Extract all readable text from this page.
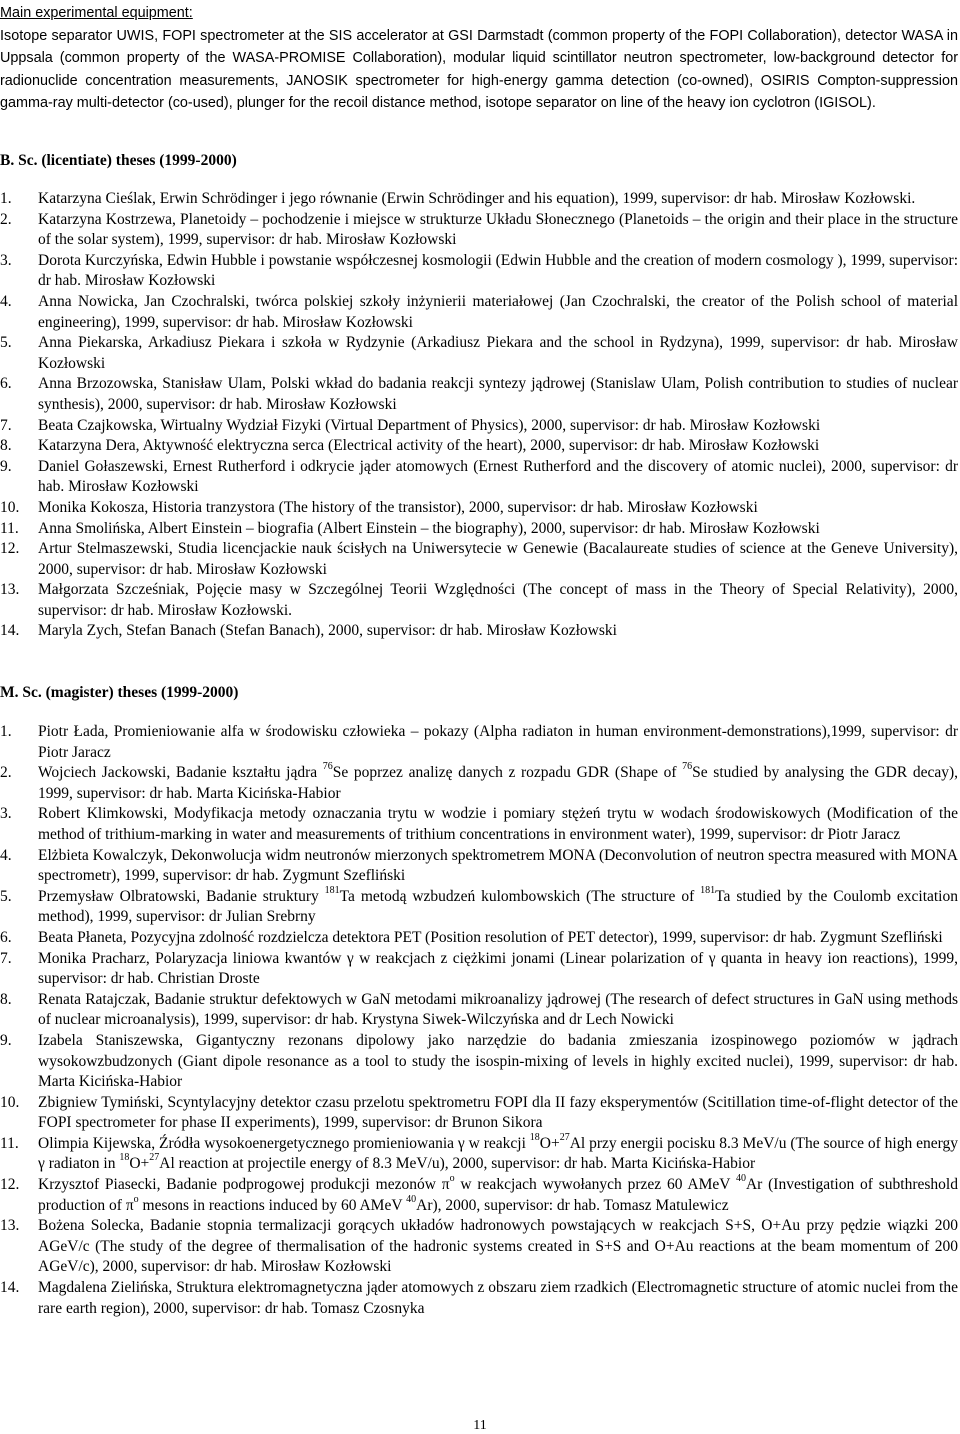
Main experimental equipment:
Isotope separator UWIS, FOPI spectrometer at the SIS accelerator at GSI Darmstadt (common property of the FOPI Collaboration), detector WASA in Uppsala (common property of the WASA-PROMISE Collaboration), modular liquid scintillator neutron spectrometer, low-background detector for radionuclide concentration measurements, JANOSIK spectrometer for high-energy gamma detection (co-owned), OSIRIS Compton-suppression gamma-ray multi-detector (co-used), plunger for the recoil distance method, isotope separator on line of the heavy ion cyclotron (IGISOL).
B. Sc. (licentiate) theses (1999-2000)
1. Katarzyna Cieślak, Erwin Schrödinger i jego równanie (Erwin Schrödinger and his equation), 1999, supervisor: dr hab. Mirosław Kozłowski.
2. Katarzyna Kostrzewa, Planetoidy – pochodzenie i miejsce w strukturze Układu Słonecznego (Planetoids – the origin and their place in the structure of the solar system), 1999, supervisor: dr hab. Mirosław Kozłowski
3. Dorota Kurczyńska, Edwin Hubble i powstanie współczesnej kosmologii (Edwin Hubble and the creation of modern cosmology ), 1999, supervisor: dr hab. Mirosław Kozłowski
4. Anna Nowicka, Jan Czochralski, twórca polskiej szkoły inżynierii materiałowej (Jan Czochralski, the creator of the Polish school of material engineering), 1999, supervisor: dr hab. Mirosław Kozłowski
5. Anna Piekarska, Arkadiusz Piekara i szkoła w Rydzynie (Arkadiusz Piekara and the school in Rydzyna), 1999, supervisor: dr hab. Mirosław Kozłowski
6. Anna Brzozowska, Stanisław Ulam, Polski wkład do badania reakcji syntezy jądrowej (Stanislaw Ulam, Polish contribution to studies of nuclear synthesis), 2000, supervisor: dr hab. Mirosław Kozłowski
7. Beata Czajkowska, Wirtualny Wydział Fizyki (Virtual Department of Physics), 2000, supervisor: dr hab. Mirosław Kozłowski
8. Katarzyna Dera, Aktywność elektryczna serca (Electrical activity of the heart), 2000, supervisor: dr hab. Mirosław Kozłowski
9. Daniel Gołaszewski, Ernest Rutherford i odkrycie jąder atomowych (Ernest Rutherford and the discovery of atomic nuclei), 2000, supervisor: dr hab. Mirosław Kozłowski
10. Monika Kokosza, Historia tranzystora (The history of the transistor), 2000, supervisor: dr hab. Mirosław Kozłowski
11. Anna Smolińska, Albert Einstein – biografia (Albert Einstein – the biography), 2000, supervisor: dr hab. Mirosław Kozłowski
12. Artur Stelmaszewski, Studia licencjackie nauk ścisłych na Uniwersytecie w Genewie (Bacalaureate studies of science at the Geneve University), 2000, supervisor: dr hab. Mirosław Kozłowski
13. Małgorzata Szcześniak, Pojęcie masy w Szczególnej Teorii Względności (The concept of mass in the Theory of Special Relativity), 2000, supervisor: dr hab. Mirosław Kozłowski.
14. Maryla Zych, Stefan Banach (Stefan Banach), 2000, supervisor: dr hab. Mirosław Kozłowski
M. Sc. (magister) theses (1999-2000)
1. Piotr Łada, Promieniowanie alfa w środowisku człowieka – pokazy (Alpha radiaton in human environment-demonstrations),1999, supervisor: dr Piotr Jaracz
2. Wojciech Jackowski, Badanie kształtu jądra $^{76}$Se poprzez analizę danych z rozpadu GDR (Shape of $^{76}$Se studied by analysing the GDR decay), 1999, supervisor: dr hab. Marta Kicińska-Habior
3. Robert Klimkowski, Modyfikacja metody oznaczania trytu w wodzie i pomiary stężeń trytu w wodach środowiskowych (Modification of the method of trithium-marking in water and measurements of trithium concentrations in environment water), 1999, supervisor: dr Piotr Jaracz
4. Elżbieta Kowalczyk, Dekonwolucja widm neutronów mierzonych spektrometrem MONA (Deconvolution of neutron spectra measured with MONA spectrometr), 1999, supervisor: dr hab. Zygmunt Szefliński
5. Przemysław Olbratowski, Badanie struktury $^{181}$Ta metodą wzbudzeń kulombowskich (The structure of $^{181}$Ta studied by the Coulomb excitation method), 1999, supervisor: dr Julian Srebrny
6. Beata Płaneta, Pozycyjna zdolność rozdzielcza detektora PET (Position resolution of PET detector), 1999, supervisor: dr hab. Zygmunt Szefliński
7. Monika Pracharz, Polaryzacja liniowa kwantów γ w reakcjach z ciężkimi jonami (Linear polarization of γ quanta in heavy ion reactions), 1999, supervisor: dr hab. Christian Droste
8. Renata Ratajczak, Badanie struktur defektowych w GaN metodami mikroanalizy jądrowej (The research of defect structures in GaN using methods of nuclear microanalysis), 1999, supervisor: dr hab. Krystyna Siwek-Wilczyńska and dr Lech Nowicki
9. Izabela Staniszewska, Gigantyczny rezonans dipolowy jako narzędzie do badania zmieszania izospinowego poziomów w jądrach wysokowzbudzonych (Giant dipole resonance as a tool to study the isospin-mixing of levels in highly excited nuclei), 1999, supervisor: dr hab. Marta Kicińska-Habior
10. Zbigniew Tymiński, Scyntylacyjny detektor czasu przelotu spektrometru FOPI dla II fazy eksperymentów (Scitillation time-of-flight detector of the FOPI spectrometer for phase II experiments), 1999, supervisor: dr Brunon Sikora
11. Olimpia Kijewska, Źródła wysokoenergetycznego promieniowania γ w reakcji $^{18}$O+$^{27}$Al przy energii pocisku 8.3 MeV/u (The source of high energy γ radiaton in $^{18}$O+$^{27}$Al reaction at projectile energy of 8.3 MeV/u), 2000, supervisor: dr hab. Marta Kicińska-Habior
12. Krzysztof Piasecki, Badanie podprogowej produkcji mezonów $\pi^o$ w reakcjach wywołanych przez 60 AMeV $^{40}$Ar (Investigation of subthreshold production of $\pi^o$ mesons in reactions induced by 60 AMeV $^{40}$Ar), 2000, supervisor: dr hab. Tomasz Matulewicz
13. Bożena Solecka, Badanie stopnia termalizacji gorących układów hadronowych powstających w reakcjach S+S, O+Au przy pędzie wiązki 200 AGeV/c (The study of the degree of thermalisation of the hadronic systems created in S+S and O+Au reactions at the beam momentum of 200 AGeV/c), 2000, supervisor: dr hab. Mirosław Kozłowski
14. Magdalena Zielińska, Struktura elektromagnetyczna jąder atomowych z obszaru ziem rzadkich (Electromagnetic structure of atomic nuclei from the rare earth region), 2000, supervisor: dr hab. Tomasz Czosnyka
11
